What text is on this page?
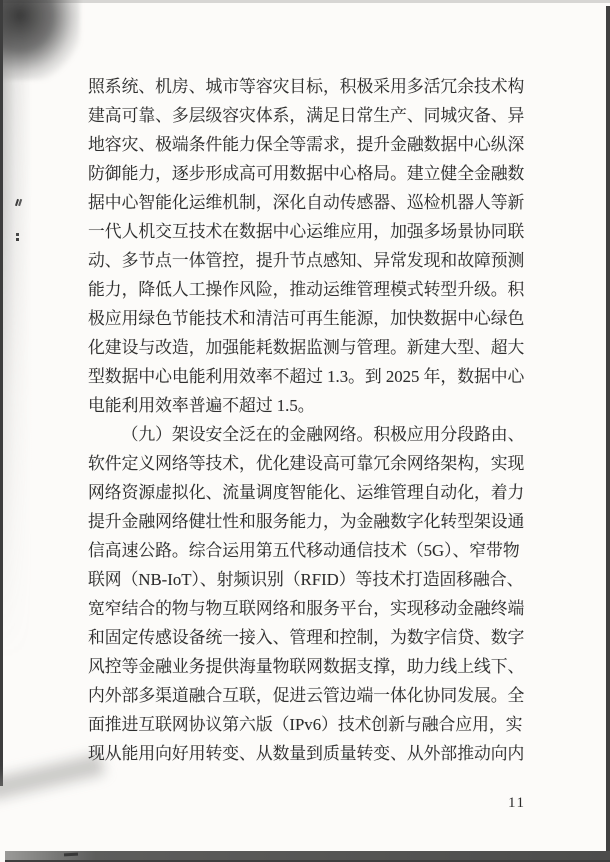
照系统、机房、城市等容灾目标，积极采用多活冗余技术构
建高可靠、多层级容灾体系，满足日常生产、同城灾备、异
地容灾、极端条件能力保全等需求，提升金融数据中心纵深
防御能力，逐步形成高可用数据中心格局。建立健全金融数
据中心智能化运维机制，深化自动传感器、巡检机器人等新
一代人机交互技术在数据中心运维应用，加强多场景协同联
动、多节点一体管控，提升节点感知、异常发现和故障预测
能力，降低人工操作风险，推动运维管理模式转型升级。积
极应用绿色节能技术和清洁可再生能源，加快数据中心绿色
化建设与改造，加强能耗数据监测与管理。新建大型、超大
型数据中心电能利用效率不超过 1.3。到 2025 年，数据中心
电能利用效率普遍不超过 1.5。
（九）架设安全泛在的金融网络。积极应用分段路由、
软件定义网络等技术，优化建设高可靠冗余网络架构，实现
网络资源虚拟化、流量调度智能化、运维管理自动化，着力
提升金融网络健壮性和服务能力，为金融数字化转型架设通
信高速公路。综合运用第五代移动通信技术（5G）、窄带物
联网（NB-IoT）、射频识别（RFID）等技术打造固移融合、
宽窄结合的物与物互联网络和服务平台，实现移动金融终端
和固定传感设备统一接入、管理和控制，为数字信贷、数字
风控等金融业务提供海量物联网数据支撑，助力线上线下、
内外部多渠道融合互联，促进云管边端一体化协同发展。全
面推进互联网协议第六版（IPv6）技术创新与融合应用，实
现从能用向好用转变、从数量到质量转变、从外部推动向内
11
